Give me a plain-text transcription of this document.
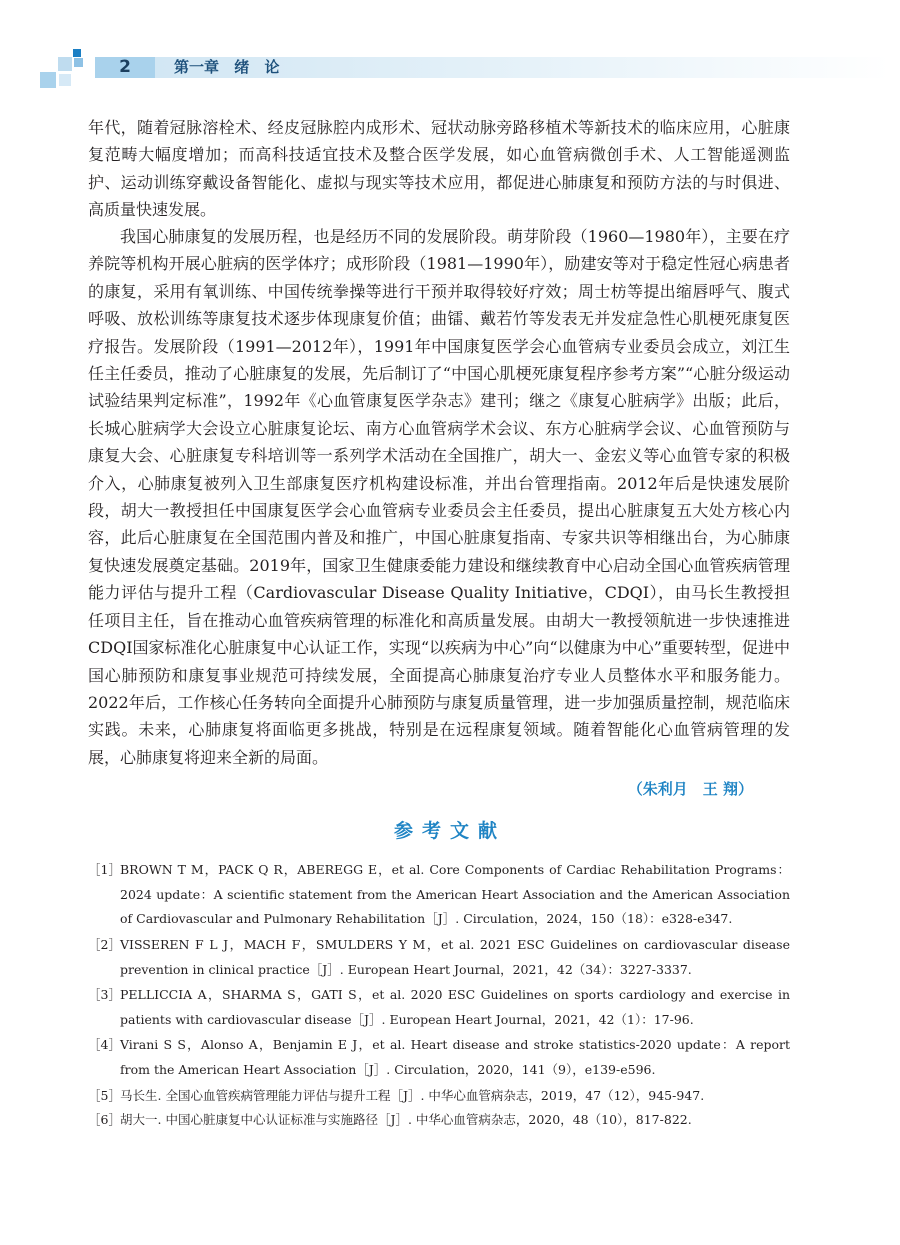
2	第一章 绪 论

年代，随着冠脉溶栓术、经皮冠脉腔内成形术、冠状动脉旁路移植术等新技术的临床应用，心脏康复范畴大幅度增加；而高科技适宜技术及整合医学发展，如心血管病微创手术、人工智能遥测监护、运动训练穿戴设备智能化、虚拟与现实等技术应用，都促进心肺康复和预防方法的与时俱进、高质量快速发展。

我国心肺康复的发展历程，也是经历不同的发展阶段。萌芽阶段（1960—1980年），主要在疗养院等机构开展心脏病的医学体疗；成形阶段（1981—1990年），励建安等对于稳定性冠心病患者的康复，采用有氧训练、中国传统拳操等进行干预并取得较好疗效；周士枋等提出缩唇呼气、腹式呼吸、放松训练等康复技术逐步体现康复价值；曲镭、戴若竹等发表无并发症急性心肌梗死康复医疗报告。发展阶段（1991—2012年），1991年中国康复医学会心血管病专业委员会成立，刘江生任主任委员，推动了心脏康复的发展，先后制订了“中国心肌梗死康复程序参考方案”“心脏分级运动试验结果判定标准”，1992年《心血管康复医学杂志》建刊；继之《康复心脏病学》出版；此后，长城心脏病学大会设立心脏康复论坛、南方心血管病学术会议、东方心脏病学会议、心血管预防与康复大会、心脏康复专科培训等一系列学术活动在全国推广，胡大一、金宏义等心血管专家的积极介入，心肺康复被列入卫生部康复医疗机构建设标准，并出台管理指南。2012年后是快速发展阶段，胡大一教授担任中国康复医学会心血管病专业委员会主任委员，提出心脏康复五大处方核心内容，此后心脏康复在全国范围内普及和推广，中国心脏康复指南、专家共识等相继出台，为心肺康复快速发展奠定基础。2019年，国家卫生健康委能力建设和继续教育中心启动全国心血管疾病管理能力评估与提升工程（Cardiovascular Disease Quality Initiative，CDQI），由马长生教授担任项目主任，旨在推动心血管疾病管理的标准化和高质量发展。由胡大一教授领航进一步快速推进CDQI国家标准化心脏康复中心认证工作，实现“以疾病为中心”向“以健康为中心”重要转型，促进中国心肺预防和康复事业规范可持续发展，全面提高心肺康复治疗专业人员整体水平和服务能力。2022年后，工作核心任务转向全面提升心肺预防与康复质量管理，进一步加强质量控制，规范临床实践。未来，心肺康复将面临更多挑战，特别是在远程康复领域。随着智能化心血管病管理的发展，心肺康复将迎来全新的局面。

（朱利月　王 翔）
参考文献
［1］ BROWN T M，PACK Q R，ABEREGG E，et al. Core Components of Cardiac Rehabilitation Programs：2024 update：A scientific statement from the American Heart Association and the American Association of Cardiovascular and Pulmonary Rehabilitation［J］. Circulation，2024，150（18）：e328-e347.
［2］ VISSEREN F L J，MACH F，SMULDERS Y M，et al. 2021 ESC Guidelines on cardiovascular disease prevention in clinical practice［J］. European Heart Journal，2021，42（34）：3227-3337.
［3］ PELLICCIA A，SHARMA S，GATI S，et al. 2020 ESC Guidelines on sports cardiology and exercise in patients with cardiovascular disease［J］. European Heart Journal，2021，42（1）：17-96.
［4］ Virani S S，Alonso A，Benjamin E J，et al. Heart disease and stroke statistics-2020 update：A report from the American Heart Association［J］. Circulation，2020，141（9），e139-e596.
［5］ 马长生. 全国心血管疾病管理能力评估与提升工程［J］. 中华心血管病杂志，2019，47（12），945-947.
［6］ 胡大一. 中国心脏康复中心认证标准与实施路径［J］. 中华心血管病杂志，2020，48（10），817-822.
